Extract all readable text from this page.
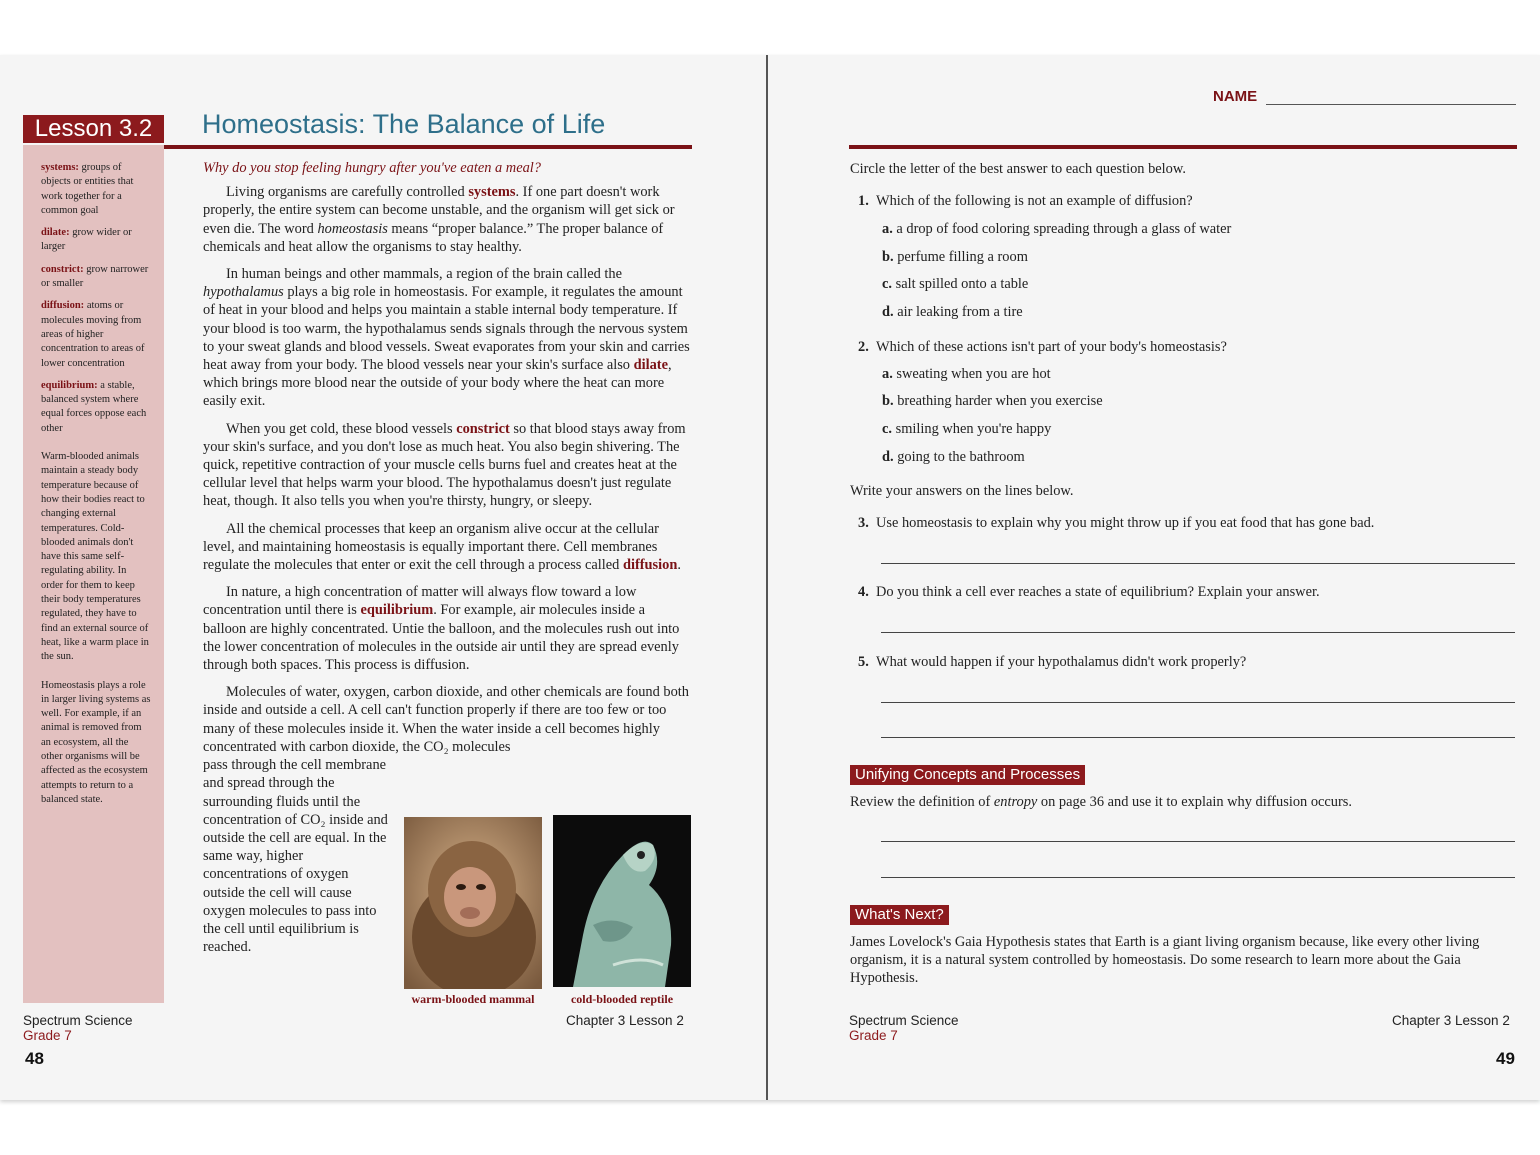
Lesson 3.2	Homeostasis: The Balance of Life

systems: groups of objects or entities that work together for a common goal

dilate: grow wider or larger

constrict: grow narrower or smaller

diffusion: atoms or molecules moving from areas of higher concentration to areas of lower concentration

equilibrium: a stable, balanced system where equal forces oppose each other

Warm-blooded animals maintain a steady body temperature because of how their bodies react to changing external temperatures. Cold-blooded animals don't have this same self-regulating ability. In order for them to keep their body temperatures regulated, they have to find an external source of heat, like a warm place in the sun.

Homeostasis plays a role in larger living systems as well. For example, if an animal is removed from an ecosystem, all the other organisms will be affected as the ecosystem attempts to return to a balanced state.

Why do you stop feeling hungry after you've eaten a meal?

Living organisms are carefully controlled systems. If one part doesn't work properly, the entire system can become unstable, and the organism will get sick or even die. The word homeostasis means “proper balance.” The proper balance of chemicals and heat allow the organisms to stay healthy.

In human beings and other mammals, a region of the brain called the hypothalamus plays a big role in homeostasis. For example, it regulates the amount of heat in your blood and helps you maintain a stable internal body temperature. If your blood is too warm, the hypothalamus sends signals through the nervous system to your sweat glands and blood vessels. Sweat evaporates from your skin and carries heat away from your body. The blood vessels near your skin's surface also dilate, which brings more blood near the outside of your body where the heat can more easily exit.

When you get cold, these blood vessels constrict so that blood stays away from your skin's surface, and you don't lose as much heat. You also begin shivering. The quick, repetitive contraction of your muscle cells burns fuel and creates heat at the cellular level that helps warm your blood. The hypothalamus doesn't just regulate heat, though. It also tells you when you're thirsty, hungry, or sleepy.

All the chemical processes that keep an organism alive occur at the cellular level, and maintaining homeostasis is equally important there. Cell membranes regulate the molecules that enter or exit the cell through a process called diffusion.

In nature, a high concentration of matter will always flow toward a low concentration until there is equilibrium. For example, air molecules inside a balloon are highly concentrated. Untie the balloon, and the molecules rush out into the lower concentration of molecules in the outside air until they are spread evenly through both spaces. This process is diffusion.

Molecules of water, oxygen, carbon dioxide, and other chemicals are found both inside and outside a cell. A cell can't function properly if there are too few or too many of these molecules inside it. When the water inside a cell becomes highly concentrated with carbon dioxide, the CO₂ molecules

pass through the cell membrane and spread through the surrounding fluids until the concentration of CO₂ inside and outside the cell are equal. In the same way, higher concentrations of oxygen outside the cell will cause oxygen molecules to pass into the cell until equilibrium is reached.

warm-blooded mammal	cold-blooded reptile
Spectrum Science
Grade 7
Chapter 3 Lesson 2
48
NAME
Circle the letter of the best answer to each question below.
1. Which of the following is not an example of diffusion?
a. a drop of food coloring spreading through a glass of water
b. perfume filling a room
c. salt spilled onto a table
d. air leaking from a tire
2. Which of these actions isn't part of your body's homeostasis?
a. sweating when you are hot
b. breathing harder when you exercise
c. smiling when you're happy
d. going to the bathroom
Write your answers on the lines below.
3. Use homeostasis to explain why you might throw up if you eat food that has gone bad.
4. Do you think a cell ever reaches a state of equilibrium? Explain your answer.
5. What would happen if your hypothalamus didn't work properly?
Unifying Concepts and Processes
Review the definition of entropy on page 36 and use it to explain why diffusion occurs.
What's Next?
James Lovelock's Gaia Hypothesis states that Earth is a giant living organism because, like every other living organism, it is a natural system controlled by homeostasis. Do some research to learn more about the Gaia Hypothesis.
Spectrum Science
Grade 7
Chapter 3 Lesson 2
49
